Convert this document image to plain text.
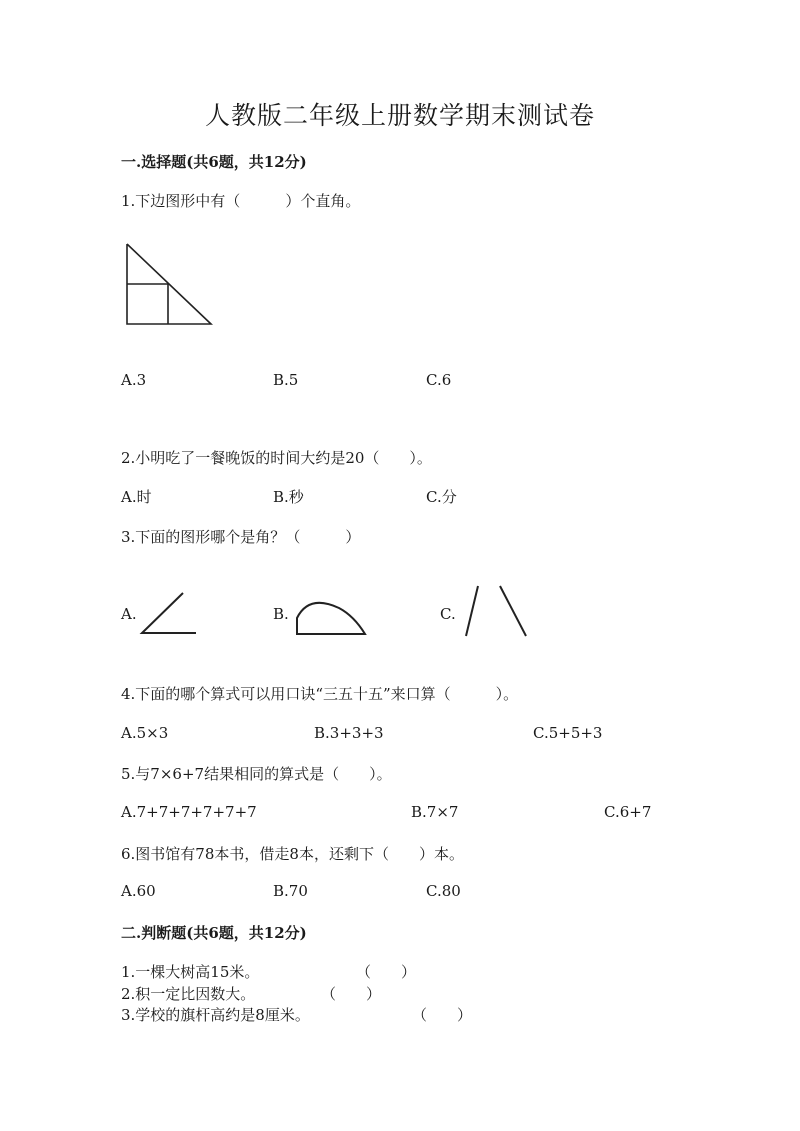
人教版二年级上册数学期末测试卷
一.选择题(共6题，共12分)
1.下边图形中有（　　　）个直角。
A.3	B.5	C.6
2.小明吃了一餐晚饭的时间大约是20（　　）。
A.时	B.秒	C.分
3.下面的图形哪个是角？（　　　）
A.	B.	C.
4.下面的哪个算式可以用口诀“三五十五”来口算（　　　）。
A.5×3	B.3+3+3	C.5+5+3
5.与7×6+7结果相同的算式是（　　）。
A.7+7+7+7+7+7	B.7×7	C.6+7
6.图书馆有78本书，借走8本，还剩下（　　）本。
A.60	B.70	C.80
二.判断题(共6题，共12分)
1.一棵大树高15米。	（　　）
2.积一定比因数大。	（　　）
3.学校的旗杆高约是8厘米。	（　　）
